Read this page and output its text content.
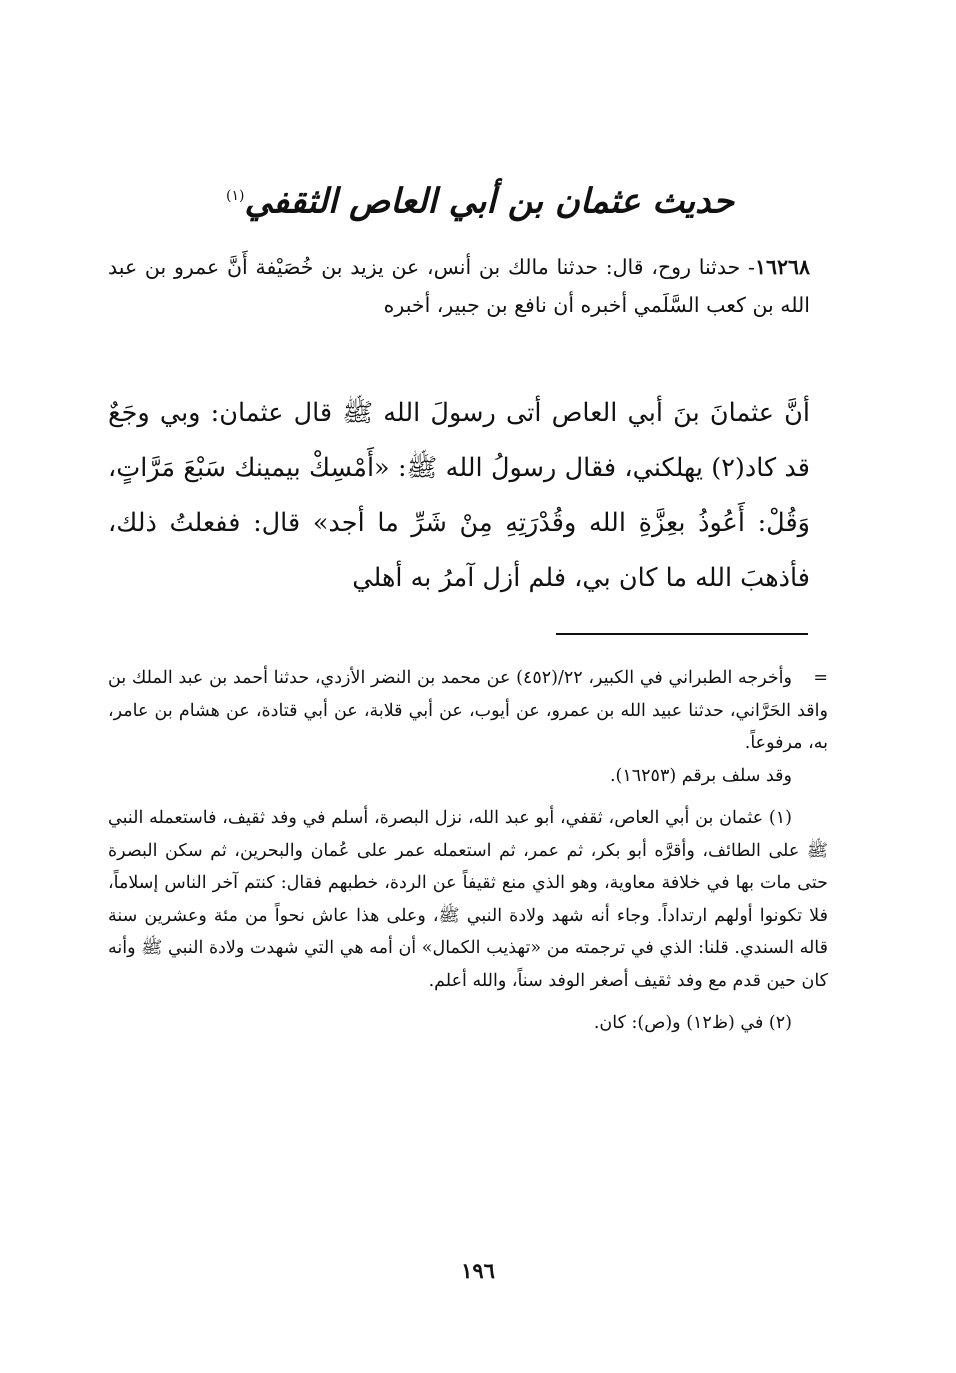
حديث عثمان بن أبي العاص الثقفي$^{(١)}$
١٦٢٦٨- حدثنا روح، قال: حدثنا مالك بن أنس، عن يزيد بن خُصَيْفة أَنَّ عمرو بن عبد الله بن كعب السَّلَمي أخبره أن نافع بن جبير، أخبره
أنَّ عثمانَ بنَ أبي العاص أتى رسولَ الله ﷺ قال عثمان: وبي وجَعٌ قد كاد(٢) يهلكني، فقال رسولُ الله ﷺ: «أَمْسِكْ بيمينك سَبْعَ مَرَّاتٍ، وَقُلْ: أَعُوذُ بعِزَّةِ الله وقُدْرَتِهِ مِنْ شَرِّ ما أجد» قال: ففعلتُ ذلك، فأذهبَ الله ما كان بي، فلم أزل آمرُ به أهلي

=وأخرجه الطبراني في الكبير، ٢٢/(٤٥٢) عن محمد بن النضر الأزدي، حدثنا أحمد بن عبد الملك بن واقد الحَرَّاني، حدثنا عبيد الله بن عمرو، عن أيوب، عن أبي قلابة، عن أبي قتادة، عن هشام بن عامر، به، مرفوعاً.

وقد سلف برقم (١٦٢٥٣).

(١) عثمان بن أبي العاص، ثقفي، أبو عبد الله، نزل البصرة، أسلم في وفد ثقيف، فاستعمله النبي ﷺ على الطائف، وأقرَّه أبو بكر، ثم عمر، ثم استعمله عمر على عُمان والبحرين، ثم سكن البصرة حتى مات بها في خلافة معاوية، وهو الذي منع ثقيفاً عن الردة، خطبهم فقال: كنتم آخر الناس إسلاماً، فلا تكونوا أولهم ارتداداً. وجاء أنه شهد ولادة النبي ﷺ، وعلى هذا عاش نحواً من مئة وعشرين سنة قاله السندي. قلنا: الذي في ترجمته من «تهذيب الكمال» أن أمه هي التي شهدت ولادة النبي ﷺ وأنه كان حين قدم مع وفد ثقيف أصغر الوفد سناً، والله أعلم.

(٢) في (ظ١٢) و(ص): كان.

١٩٦
